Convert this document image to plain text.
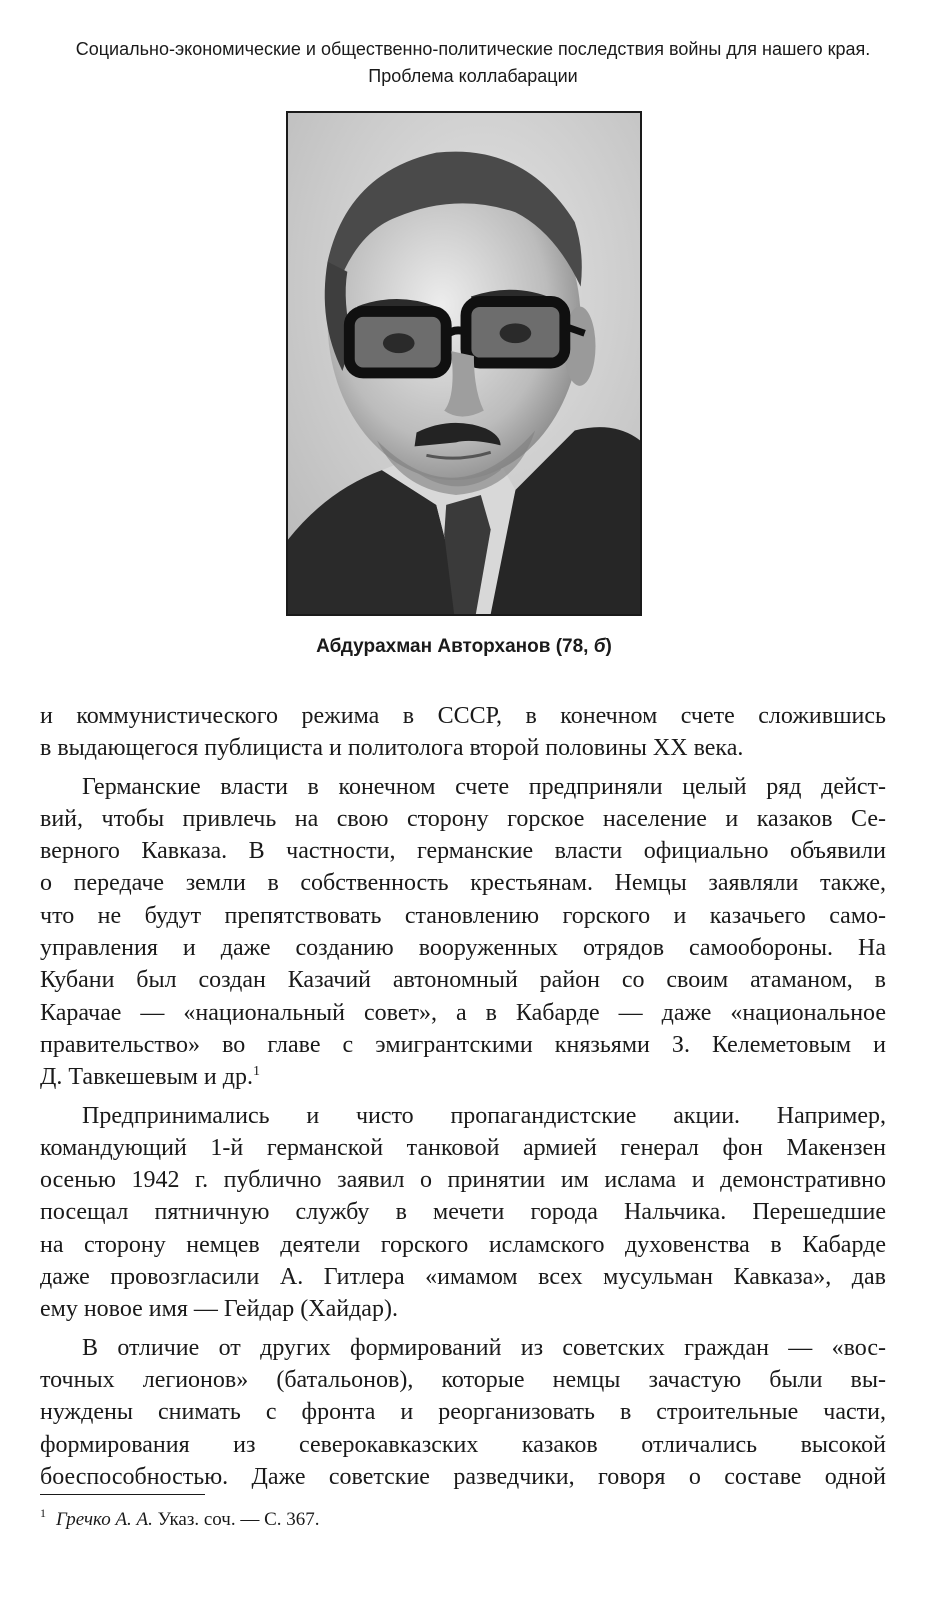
Социально-экономические и общественно-политические последствия войны для нашего края.
Проблема коллабарации
Абдурахман Авторханов (78, б)
и коммунистического режима в СССР, в конечном счете сложившись
в выдающегося публициста и политолога второй половины XX века.
Германские власти в конечном счете предприняли целый ряд дейст-
вий, чтобы привлечь на свою сторону горское население и казаков Се-
верного Кавказа. В частности, германские власти официально объявили
о передаче земли в собственность крестьянам. Немцы заявляли также,
что не будут препятствовать становлению горского и казачьего само-
управления и даже созданию вооруженных отрядов самообороны. На
Кубани был создан Казачий автономный район со своим атаманом, в
Карачае — «национальный совет», а в Кабарде — даже «национальное
правительство» во главе с эмигрантскими князьями З. Келеметовым и
Д. Тавкешевым и др.$^1$
Предпринимались и чисто пропагандистские акции. Например,
командующий 1-й германской танковой армией генерал фон Макензен
осенью 1942 г. публично заявил о принятии им ислама и демонстративно
посещал пятничную службу в мечети города Нальчика. Перешедшие
на сторону немцев деятели горского исламского духовенства в Кабарде
даже провозгласили А. Гитлера «имамом всех мусульман Кавказа», дав
ему новое имя — Гейдар (Хайдар).
В отличие от других формирований из советских граждан — «вос-
точных легионов» (батальонов), которые немцы зачастую были вы-
нуждены снимать с фронта и реорганизовать в строительные части,
формирования из северокавказских казаков отличались высокой
боеспособностью. Даже советские разведчики, говоря о составе одной
$^1$ Гречко А. А. Указ. соч. — С. 367.
